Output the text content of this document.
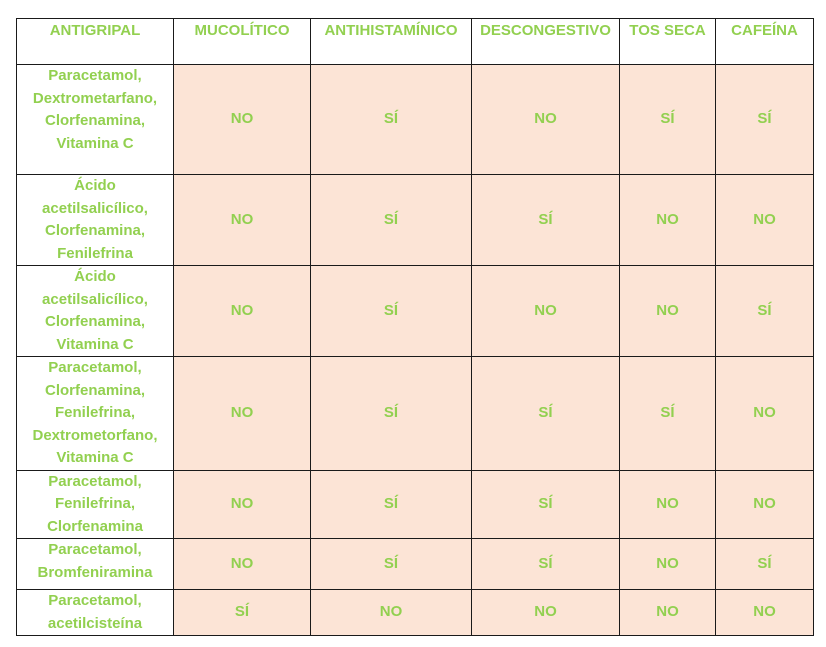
ANTIGRIPAL	MUCOLÍTICO	ANTIHISTAMÍNICO	DESCONGESTIVO	TOS SECA	CAFEÍNA

Paracetamol,
Dextrometarfano,
Clorfenamina,
Vitamina C	NO	SÍ	NO	SÍ	SÍ

Ácido
acetilsalicílico,
Clorfenamina,
Fenilefrina	NO	SÍ	SÍ	NO	NO

Ácido
acetilsalicílico,
Clorfenamina,
Vitamina C	NO	SÍ	NO	NO	SÍ

Paracetamol,
Clorfenamina,
Fenilefrina,
Dextrometorfano,
Vitamina C	NO	SÍ	SÍ	SÍ	NO

Paracetamol,
Fenilefrina,
Clorfenamina	NO	SÍ	SÍ	NO	NO

Paracetamol,
Bromfeniramina	NO	SÍ	SÍ	NO	SÍ

Paracetamol,
acetilcisteína	SÍ	NO	NO	NO	NO
